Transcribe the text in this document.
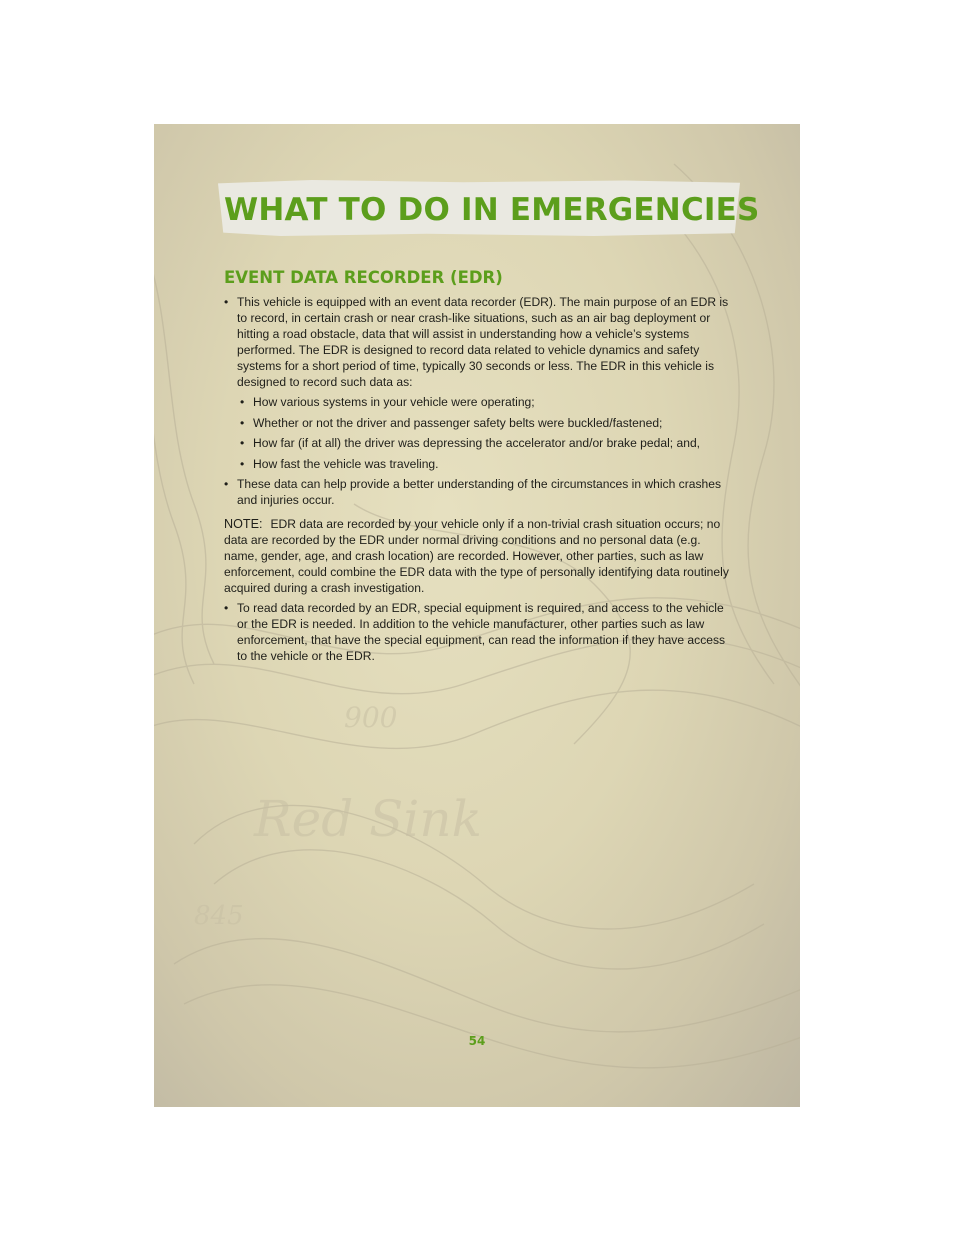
900
Red Sink
845
WHAT TO DO IN EMERGENCIES
EVENT DATA RECORDER (EDR)
• This vehicle is equipped with an event data recorder (EDR). The main purpose of an EDR is to record, in certain crash or near crash-like situations, such as an air bag deployment or hitting a road obstacle, data that will assist in understanding how a vehicle’s systems performed. The EDR is designed to record data related to vehicle dynamics and safety systems for a short period of time, typically 30 seconds or less. The EDR in this vehicle is designed to record such data as:
• How various systems in your vehicle were operating;
• Whether or not the driver and passenger safety belts were buckled/fastened;
• How far (if at all) the driver was depressing the accelerator and/or brake pedal; and,
• How fast the vehicle was traveling.
• These data can help provide a better understanding of the circumstances in which crashes and injuries occur.
NOTE: EDR data are recorded by your vehicle only if a non-trivial crash situation occurs; no data are recorded by the EDR under normal driving conditions and no personal data (e.g. name, gender, age, and crash location) are recorded. However, other parties, such as law enforcement, could combine the EDR data with the type of personally identifying data routinely acquired during a crash investigation.
• To read data recorded by an EDR, special equipment is required, and access to the vehicle or the EDR is needed. In addition to the vehicle manufacturer, other parties such as law enforcement, that have the special equipment, can read the information if they have access to the vehicle or the EDR.
54
